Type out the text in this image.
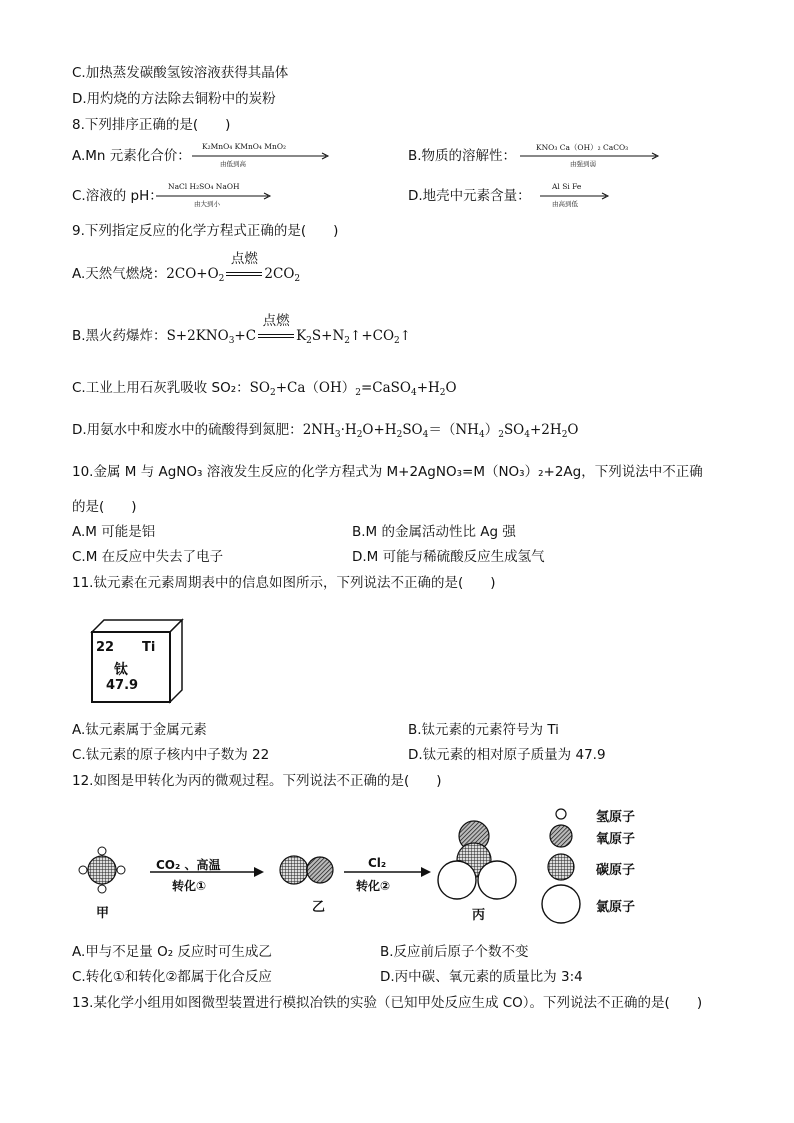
C.加热蒸发碳酸氢铵溶液获得其晶体
D.用灼烧的方法除去铜粉中的炭粉
8.下列排序正确的是(　　)
A.Mn 元素化合价：
K₂MnO₄ KMnO₄ MnO₂
由低到高	B.物质的溶解性：
KNO₃ Ca（OH）₂ CaCO₃
由强到弱
C.溶液的 pH：
NaCl H₂SO₄ NaOH
由大到小	D.地壳中元素含量：
Al Si Fe
由高到低
9.下列指定反应的化学方程式正确的是(　　)
A.天然气燃烧：$2CO+O_2$
点燃
$2CO_2$
B.黑火药爆炸：$S+2KNO_3+C$
点燃
$K_2S+N_2↑+CO_2↑$
C.工业上用石灰乳吸收 SO₂：$SO_2+Ca(OH)_2=CaSO_4+H_2O$
D.用氨水中和废水中的硫酸得到氮肥：$2NH_3\cdot H_2O+H_2SO_4=(NH_4)_2SO_4+2H_2O$
10.金属 M 与 AgNO₃ 溶液发生反应的化学方程式为 M+2AgNO₃=M（NO₃）₂+2Ag，下列说法中不正确
的是(　　)
A.M 可能是铝	B.M 的金属活动性比 Ag 强
C.M 在反应中失去了电子	D.M 可能与稀硫酸反应生成氢气
11.钛元素在元素周期表中的信息如图所示，下列说法不正确的是(　　)
22 Ti
钛
47.9
A.钛元素属于金属元素	B.钛元素的元素符号为 Ti
C.钛元素的原子核内中子数为 22	D.钛元素的相对原子质量为 47.9
12.如图是甲转化为丙的微观过程。下列说法不正确的是(　　)
CO₂ 、高温
转化①
Cl₂
转化②
甲	乙
丙
氢原子
氧原子
碳原子
氯原子
A.甲与不足量 O₂ 反应时可生成乙	B.反应前后原子个数不变
C.转化①和转化②都属于化合反应	D.丙中碳、氧元素的质量比为 3:4
13.某化学小组用如图微型装置进行模拟冶铁的实验（已知甲处反应生成 CO）。下列说法不正确的是(　　)
